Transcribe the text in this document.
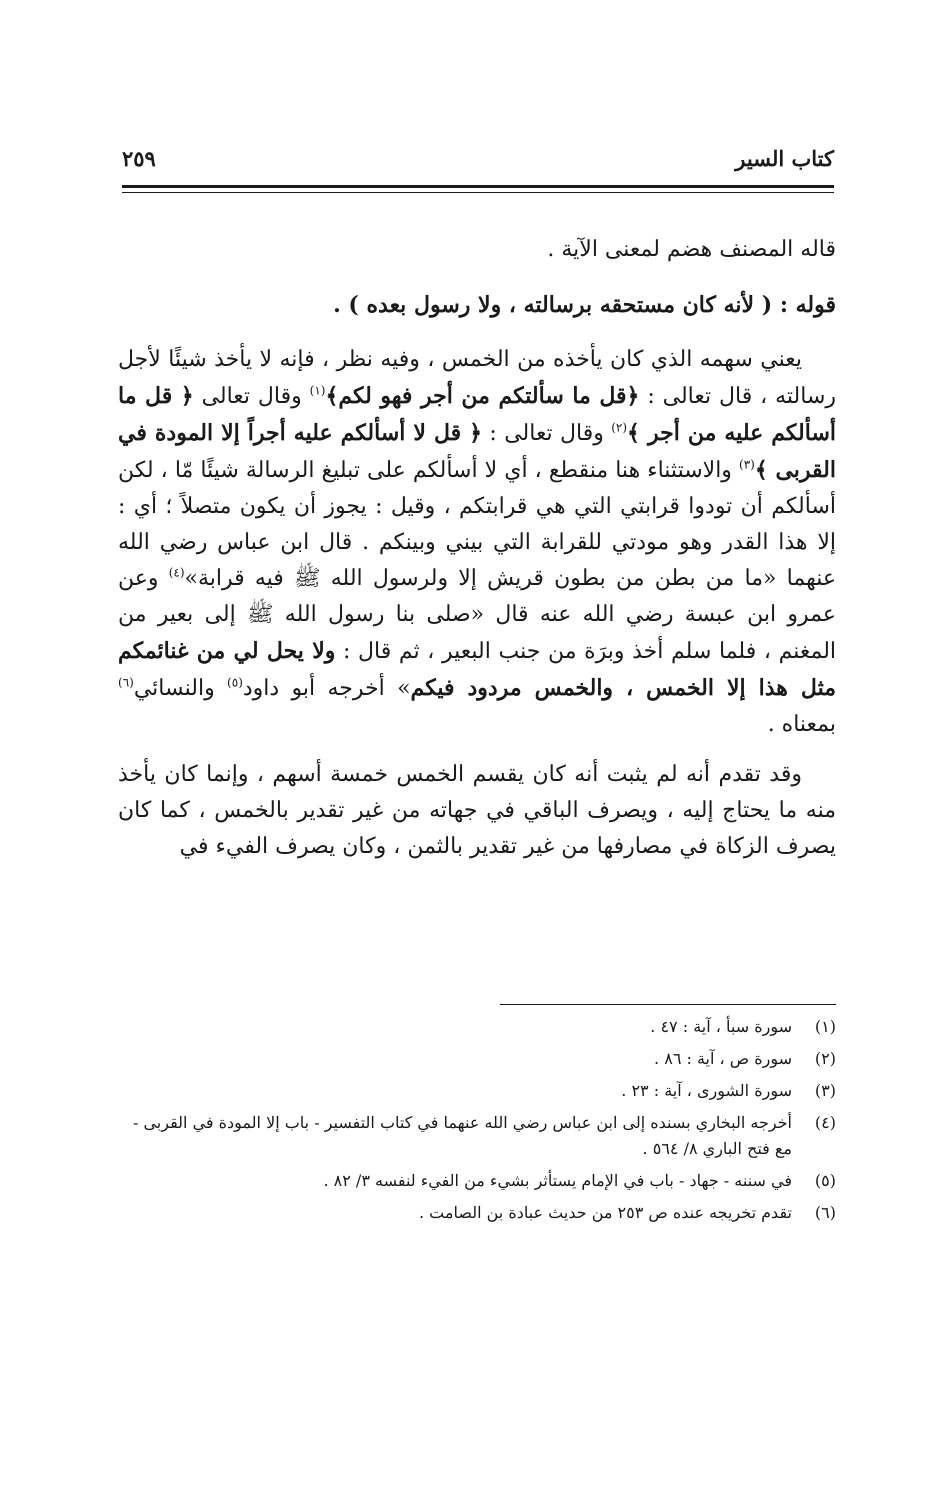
كتاب السير
٢٥٩

قاله المصنف هضم لمعنى الآية .

قوله : ( لأنه كان مستحقه برسالته ، ولا رسول بعده ) .

يعني سهمه الذي كان يأخذه من الخمس ، وفيه نظر ، فإنه لا يأخذ شيئًا لأجل رسالته ، قال تعالى : ﴿قل ما سألتكم من أجر فهو لكم﴾$^{(١)}$ وقال تعالى ﴿ قل ما أسألكم عليه من أجر ﴾$^{(٢)}$ وقال تعالى : ﴿ قل لا أسألكم عليه أجراً إلا المودة في القربى ﴾$^{(٣)}$ والاستثناء هنا منقطع ، أي لا أسألكم على تبليغ الرسالة شيئًا مّا ، لكن أسألكم أن تودوا قرابتي التي هي قرابتكم ، وقيل : يجوز أن يكون متصلاً ؛ أي : إلا هذا القدر وهو مودتي للقرابة التي بيني وبينكم . قال ابن عباس رضي الله عنهما «ما من بطن من بطون قريش إلا ولرسول الله ﷺ فيه قرابة»$^{(٤)}$ وعن عمرو ابن عبسة رضي الله عنه قال «صلى بنا رسول الله ﷺ إلى بعير من المغنم ، فلما سلم أخذ وبرَة من جنب البعير ، ثم قال : ولا يحل لي من غنائمكم مثل هذا إلا الخمس ، والخمس مردود فيكم» أخرجه أبو داود$^{(٥)}$ والنسائي$^{(٦)}$ بمعناه .

وقد تقدم أنه لم يثبت أنه كان يقسم الخمس خمسة أسهم ، وإنما كان يأخذ منه ما يحتاج إليه ، ويصرف الباقي في جهاته من غير تقدير بالخمس ، كما كان يصرف الزكاة في مصارفها من غير تقدير بالثمن ، وكان يصرف الفيء في

(١)
سورة سبأ ، آية : ٤٧ .

(٢)
سورة ص ، آية : ٨٦ .

(٣)
سورة الشورى ، آية : ٢٣ .

(٤)
أخرجه البخاري بسنده إلى ابن عباس رضي الله عنهما في كتاب التفسير - باب إلا المودة في القربى - مع فتح الباري ٨/ ٥٦٤ .

(٥)
في سننه - جهاد - باب في الإمام يستأثر بشيء من الفيء لنفسه ٣/ ٨٢ .

(٦)
تقدم تخريجه عنده ص ٢٥٣ من حديث عبادة بن الصامت .
